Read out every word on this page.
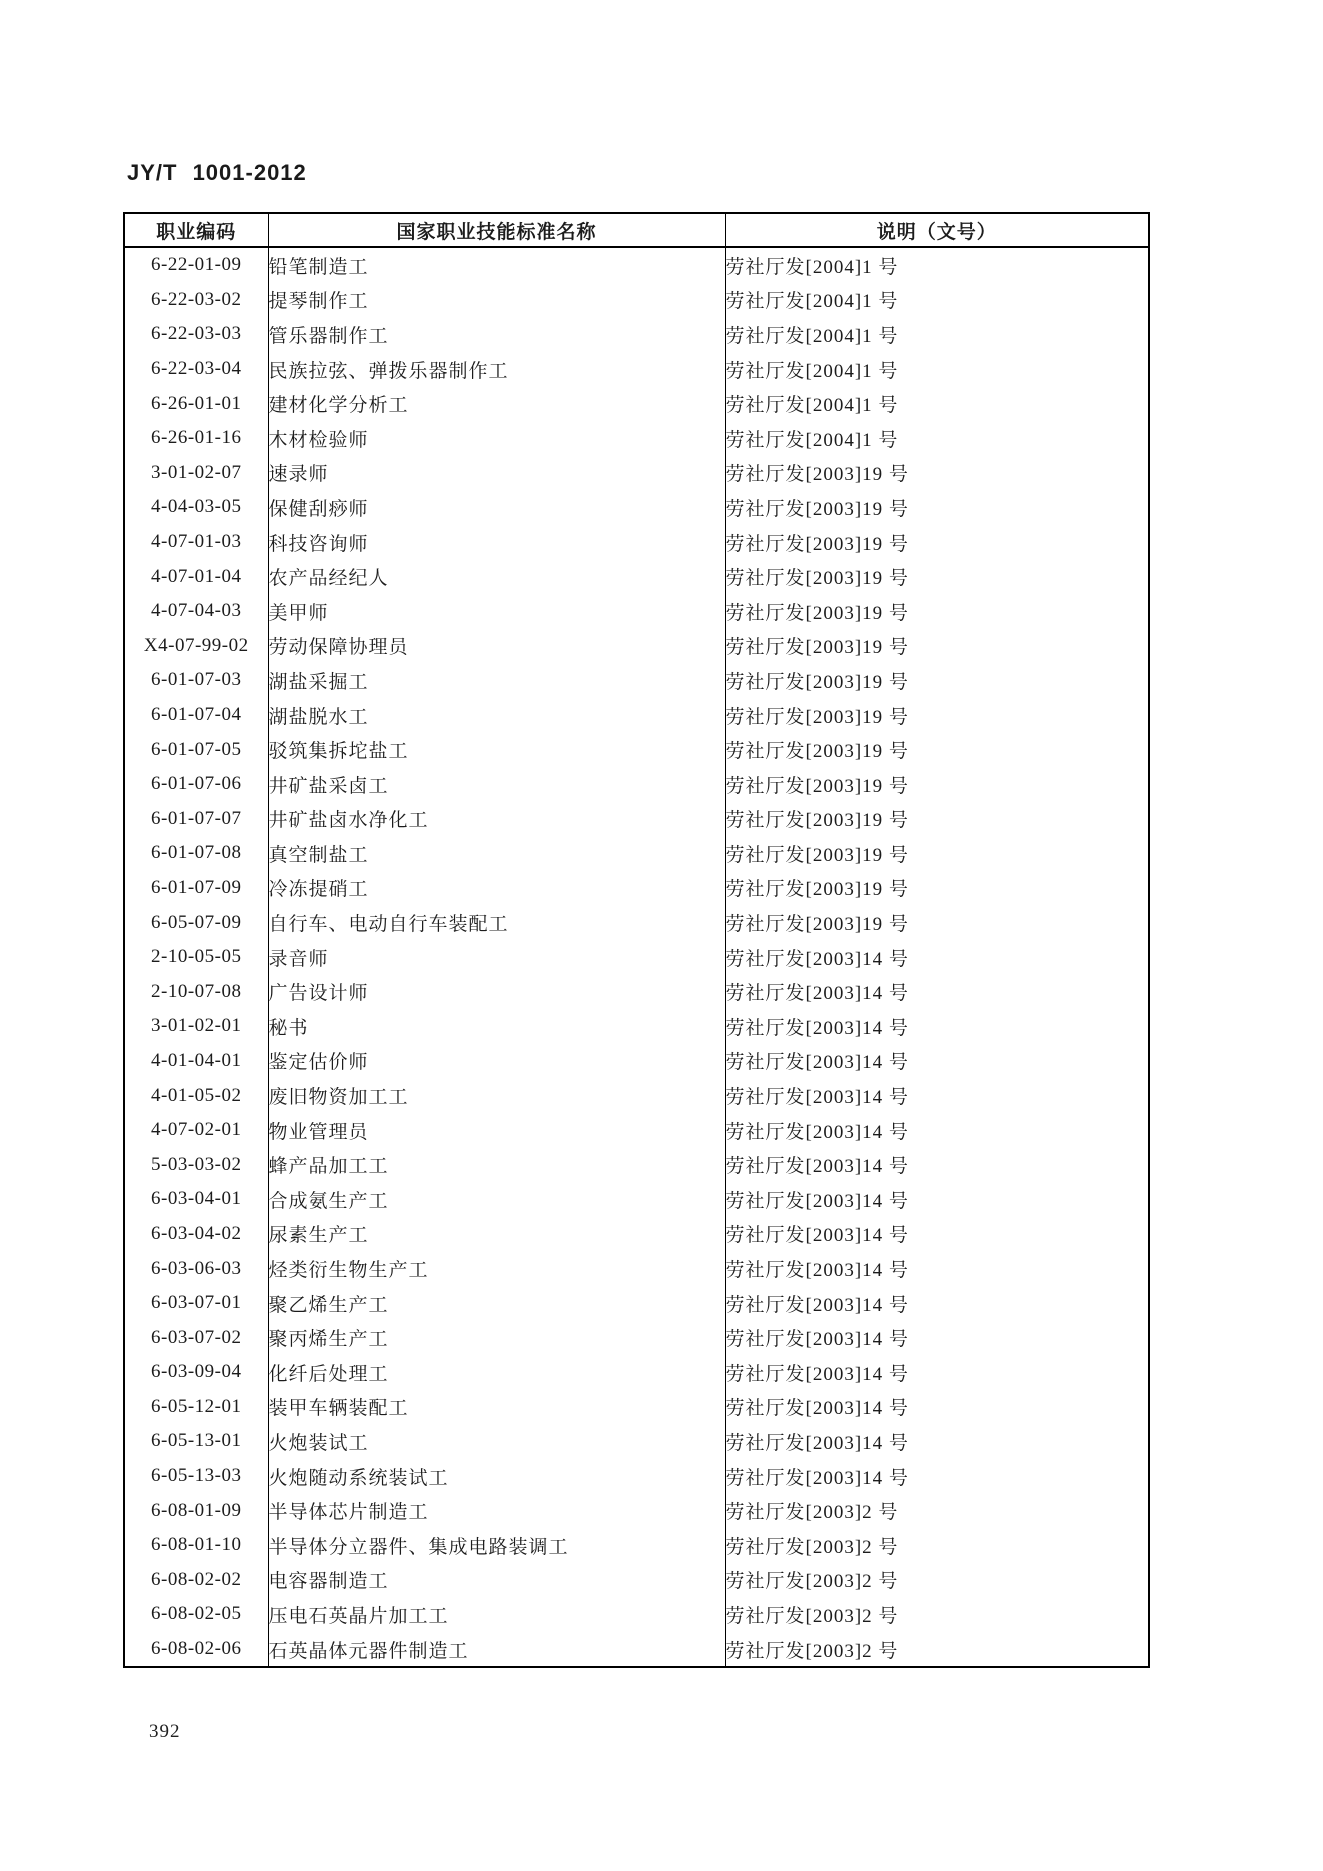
JY/T 1001-2012
职业编码	国家职业技能标准名称	说明（文号）
6-22-01-09	铅笔制造工	劳社厅发[2004]1 号
6-22-03-02	提琴制作工	劳社厅发[2004]1 号
6-22-03-03	管乐器制作工	劳社厅发[2004]1 号
6-22-03-04	民族拉弦、弹拨乐器制作工	劳社厅发[2004]1 号
6-26-01-01	建材化学分析工	劳社厅发[2004]1 号
6-26-01-16	木材检验师	劳社厅发[2004]1 号
3-01-02-07	速录师	劳社厅发[2003]19 号
4-04-03-05	保健刮痧师	劳社厅发[2003]19 号
4-07-01-03	科技咨询师	劳社厅发[2003]19 号
4-07-01-04	农产品经纪人	劳社厅发[2003]19 号
4-07-04-03	美甲师	劳社厅发[2003]19 号
X4-07-99-02	劳动保障协理员	劳社厅发[2003]19 号
6-01-07-03	湖盐采掘工	劳社厅发[2003]19 号
6-01-07-04	湖盐脱水工	劳社厅发[2003]19 号
6-01-07-05	驳筑集拆坨盐工	劳社厅发[2003]19 号
6-01-07-06	井矿盐采卤工	劳社厅发[2003]19 号
6-01-07-07	井矿盐卤水净化工	劳社厅发[2003]19 号
6-01-07-08	真空制盐工	劳社厅发[2003]19 号
6-01-07-09	冷冻提硝工	劳社厅发[2003]19 号
6-05-07-09	自行车、电动自行车装配工	劳社厅发[2003]19 号
2-10-05-05	录音师	劳社厅发[2003]14 号
2-10-07-08	广告设计师	劳社厅发[2003]14 号
3-01-02-01	秘书	劳社厅发[2003]14 号
4-01-04-01	鉴定估价师	劳社厅发[2003]14 号
4-01-05-02	废旧物资加工工	劳社厅发[2003]14 号
4-07-02-01	物业管理员	劳社厅发[2003]14 号
5-03-03-02	蜂产品加工工	劳社厅发[2003]14 号
6-03-04-01	合成氨生产工	劳社厅发[2003]14 号
6-03-04-02	尿素生产工	劳社厅发[2003]14 号
6-03-06-03	烃类衍生物生产工	劳社厅发[2003]14 号
6-03-07-01	聚乙烯生产工	劳社厅发[2003]14 号
6-03-07-02	聚丙烯生产工	劳社厅发[2003]14 号
6-03-09-04	化纤后处理工	劳社厅发[2003]14 号
6-05-12-01	装甲车辆装配工	劳社厅发[2003]14 号
6-05-13-01	火炮装试工	劳社厅发[2003]14 号
6-05-13-03	火炮随动系统装试工	劳社厅发[2003]14 号
6-08-01-09	半导体芯片制造工	劳社厅发[2003]2 号
6-08-01-10	半导体分立器件、集成电路装调工	劳社厅发[2003]2 号
6-08-02-02	电容器制造工	劳社厅发[2003]2 号
6-08-02-05	压电石英晶片加工工	劳社厅发[2003]2 号
6-08-02-06	石英晶体元器件制造工	劳社厅发[2003]2 号
392
